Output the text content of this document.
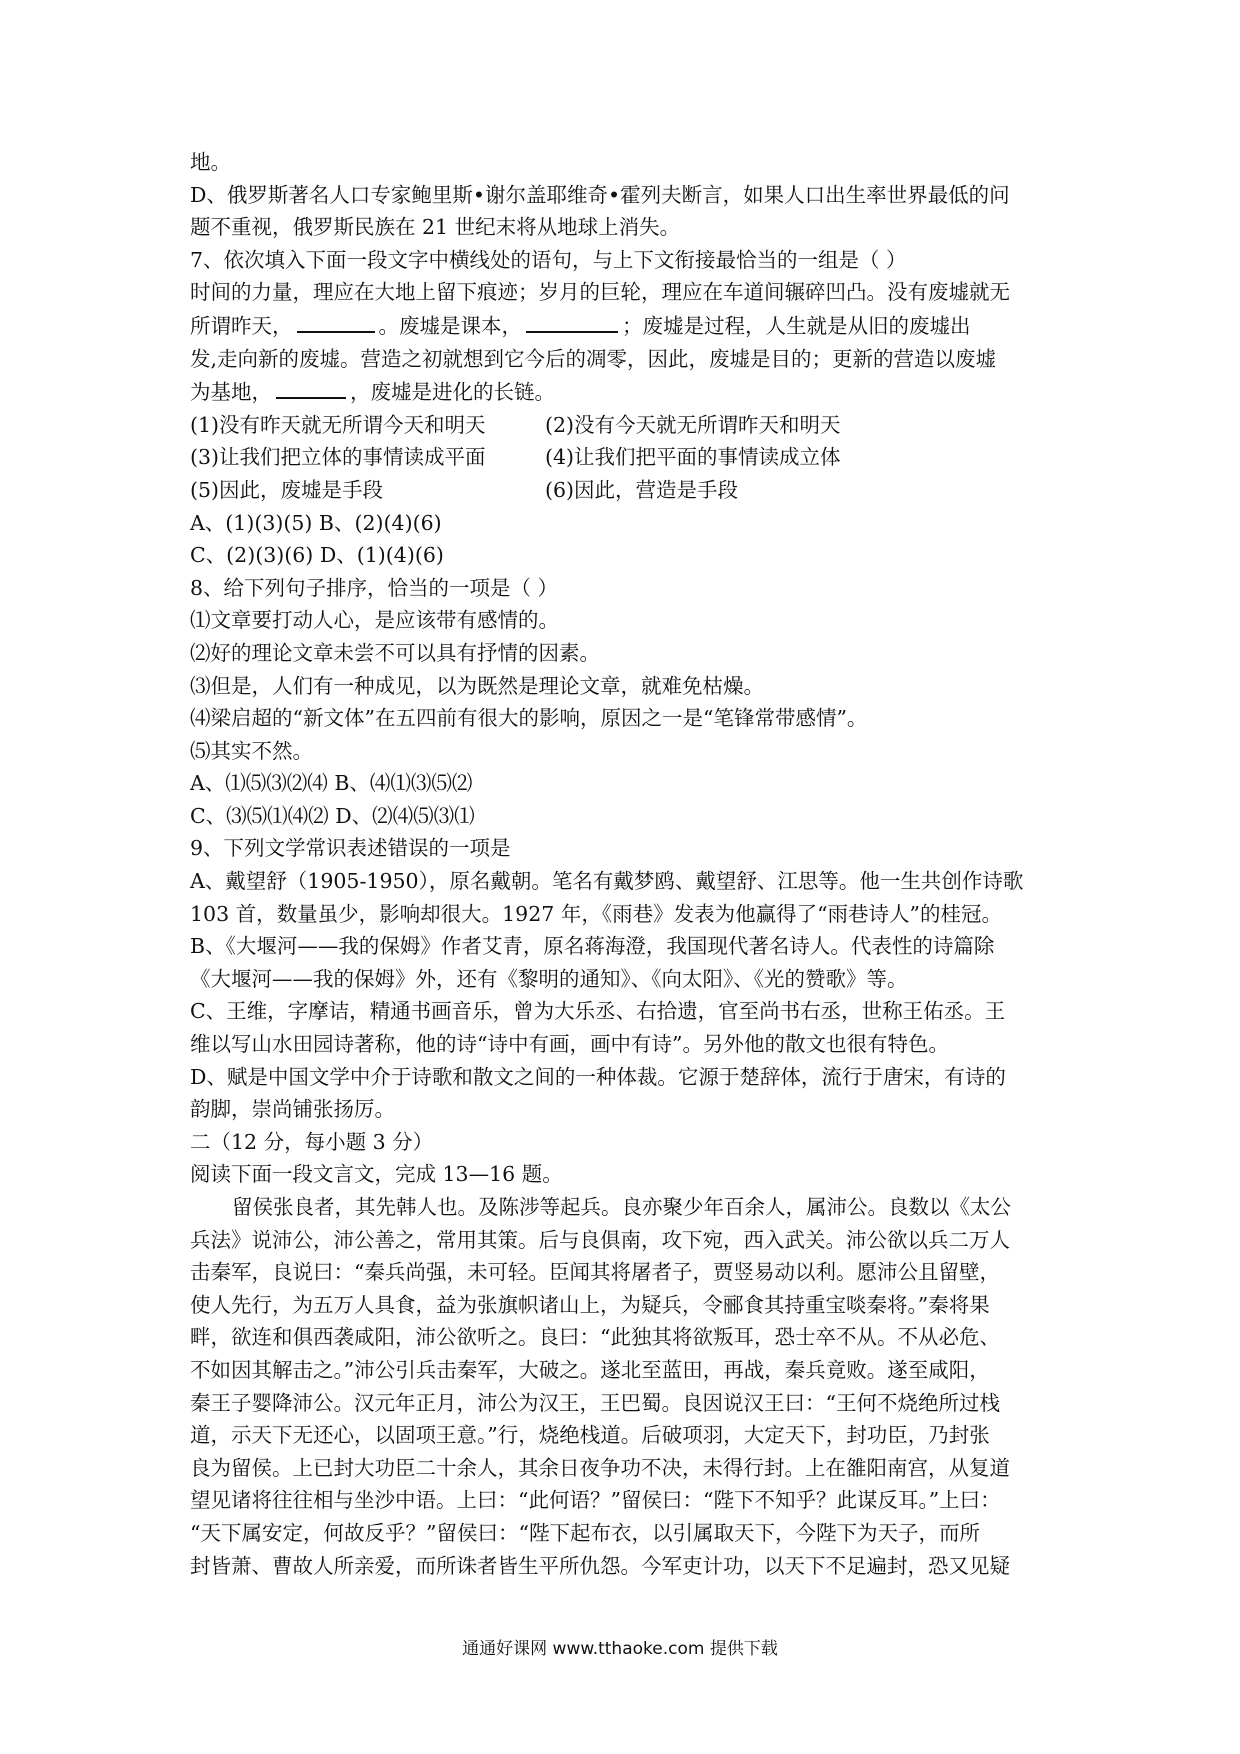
地。
D、俄罗斯著名人口专家鲍里斯•谢尔盖耶维奇•霍列夫断言，如果人口出生率世界最低的问
题不重视，俄罗斯民族在 21 世纪末将从地球上消失。
7、依次填入下面一段文字中横线处的语句，与上下文衔接最恰当的一组是（ ）
时间的力量，理应在大地上留下痕迹；岁月的巨轮，理应在车道间辗碎凹凸。没有废墟就无
所谓昨天，	。废墟是课本，	；废墟是过程，人生就是从旧的废墟出
发,走向新的废墟。营造之初就想到它今后的凋零，因此，废墟是目的；更新的营造以废墟
为基地，	，废墟是进化的长链。
(1)没有昨天就无所谓今天和明天	(2)没有今天就无所谓昨天和明天
(3)让我们把立体的事情读成平面	(4)让我们把平面的事情读成立体
(5)因此，废墟是手段	(6)因此，营造是手段
A、(1)(3)(5) B、(2)(4)(6)
C、(2)(3)(6) D、(1)(4)(6)
8、给下列句子排序，恰当的一项是（ ）
⑴文章要打动人心，是应该带有感情的。
⑵好的理论文章未尝不可以具有抒情的因素。
⑶但是，人们有一种成见，以为既然是理论文章，就难免枯燥。
⑷梁启超的“新文体”在五四前有很大的影响，原因之一是“笔锋常带感情”。
⑸其实不然。
A、⑴⑸⑶⑵⑷ B、⑷⑴⑶⑸⑵
C、⑶⑸⑴⑷⑵ D、⑵⑷⑸⑶⑴
9、下列文学常识表述错误的一项是
A、戴望舒（1905-1950），原名戴朝。笔名有戴梦鸥、戴望舒、江思等。他一生共创作诗歌
103 首，数量虽少，影响却很大。1927 年，《雨巷》发表为他赢得了“雨巷诗人”的桂冠。
B、《大堰河——我的保姆》作者艾青，原名蒋海澄，我国现代著名诗人。代表性的诗篇除
《大堰河——我的保姆》外，还有《黎明的通知》、《向太阳》、《光的赞歌》等。
C、王维，字摩诘，精通书画音乐，曾为大乐丞、右拾遗，官至尚书右丞，世称王佑丞。王
维以写山水田园诗著称，他的诗“诗中有画，画中有诗”。另外他的散文也很有特色。
D、赋是中国文学中介于诗歌和散文之间的一种体裁。它源于楚辞体，流行于唐宋，有诗的
韵脚，崇尚铺张扬厉。
二（12 分，每小题 3 分）
阅读下面一段文言文，完成 13—16 题。
留侯张良者，其先韩人也。及陈涉等起兵。良亦聚少年百余人，属沛公。良数以《太公
兵法》说沛公，沛公善之，常用其策。后与良俱南，攻下宛，西入武关。沛公欲以兵二万人
击秦军，良说曰：“秦兵尚强，未可轻。臣闻其将屠者子，贾竖易动以利。愿沛公且留壁，
使人先行，为五万人具食，益为张旗帜诸山上，为疑兵，令郦食其持重宝啖秦将。”秦将果
畔，欲连和俱西袭咸阳，沛公欲听之。良曰：“此独其将欲叛耳，恐士卒不从。不从必危、
不如因其解击之。”沛公引兵击秦军，大破之。遂北至蓝田，再战，秦兵竟败。遂至咸阳，
秦王子婴降沛公。汉元年正月，沛公为汉王，王巴蜀。良因说汉王曰：“王何不烧绝所过栈
道，示天下无还心，以固项王意。”行，烧绝栈道。后破项羽，大定天下，封功臣，乃封张
良为留侯。上已封大功臣二十余人，其余日夜争功不决，未得行封。上在雒阳南宫，从复道
望见诸将往往相与坐沙中语。上曰：“此何语？”留侯曰：“陛下不知乎？此谋反耳。”上曰：
“天下属安定，何故反乎？”留侯曰：“陛下起布衣，以引属取天下，今陛下为天子，而所
封皆萧、曹故人所亲爱，而所诛者皆生平所仇怨。今军吏计功，以天下不足遍封，恐又见疑
通通好课网 www.tthaoke.com 提供下载
